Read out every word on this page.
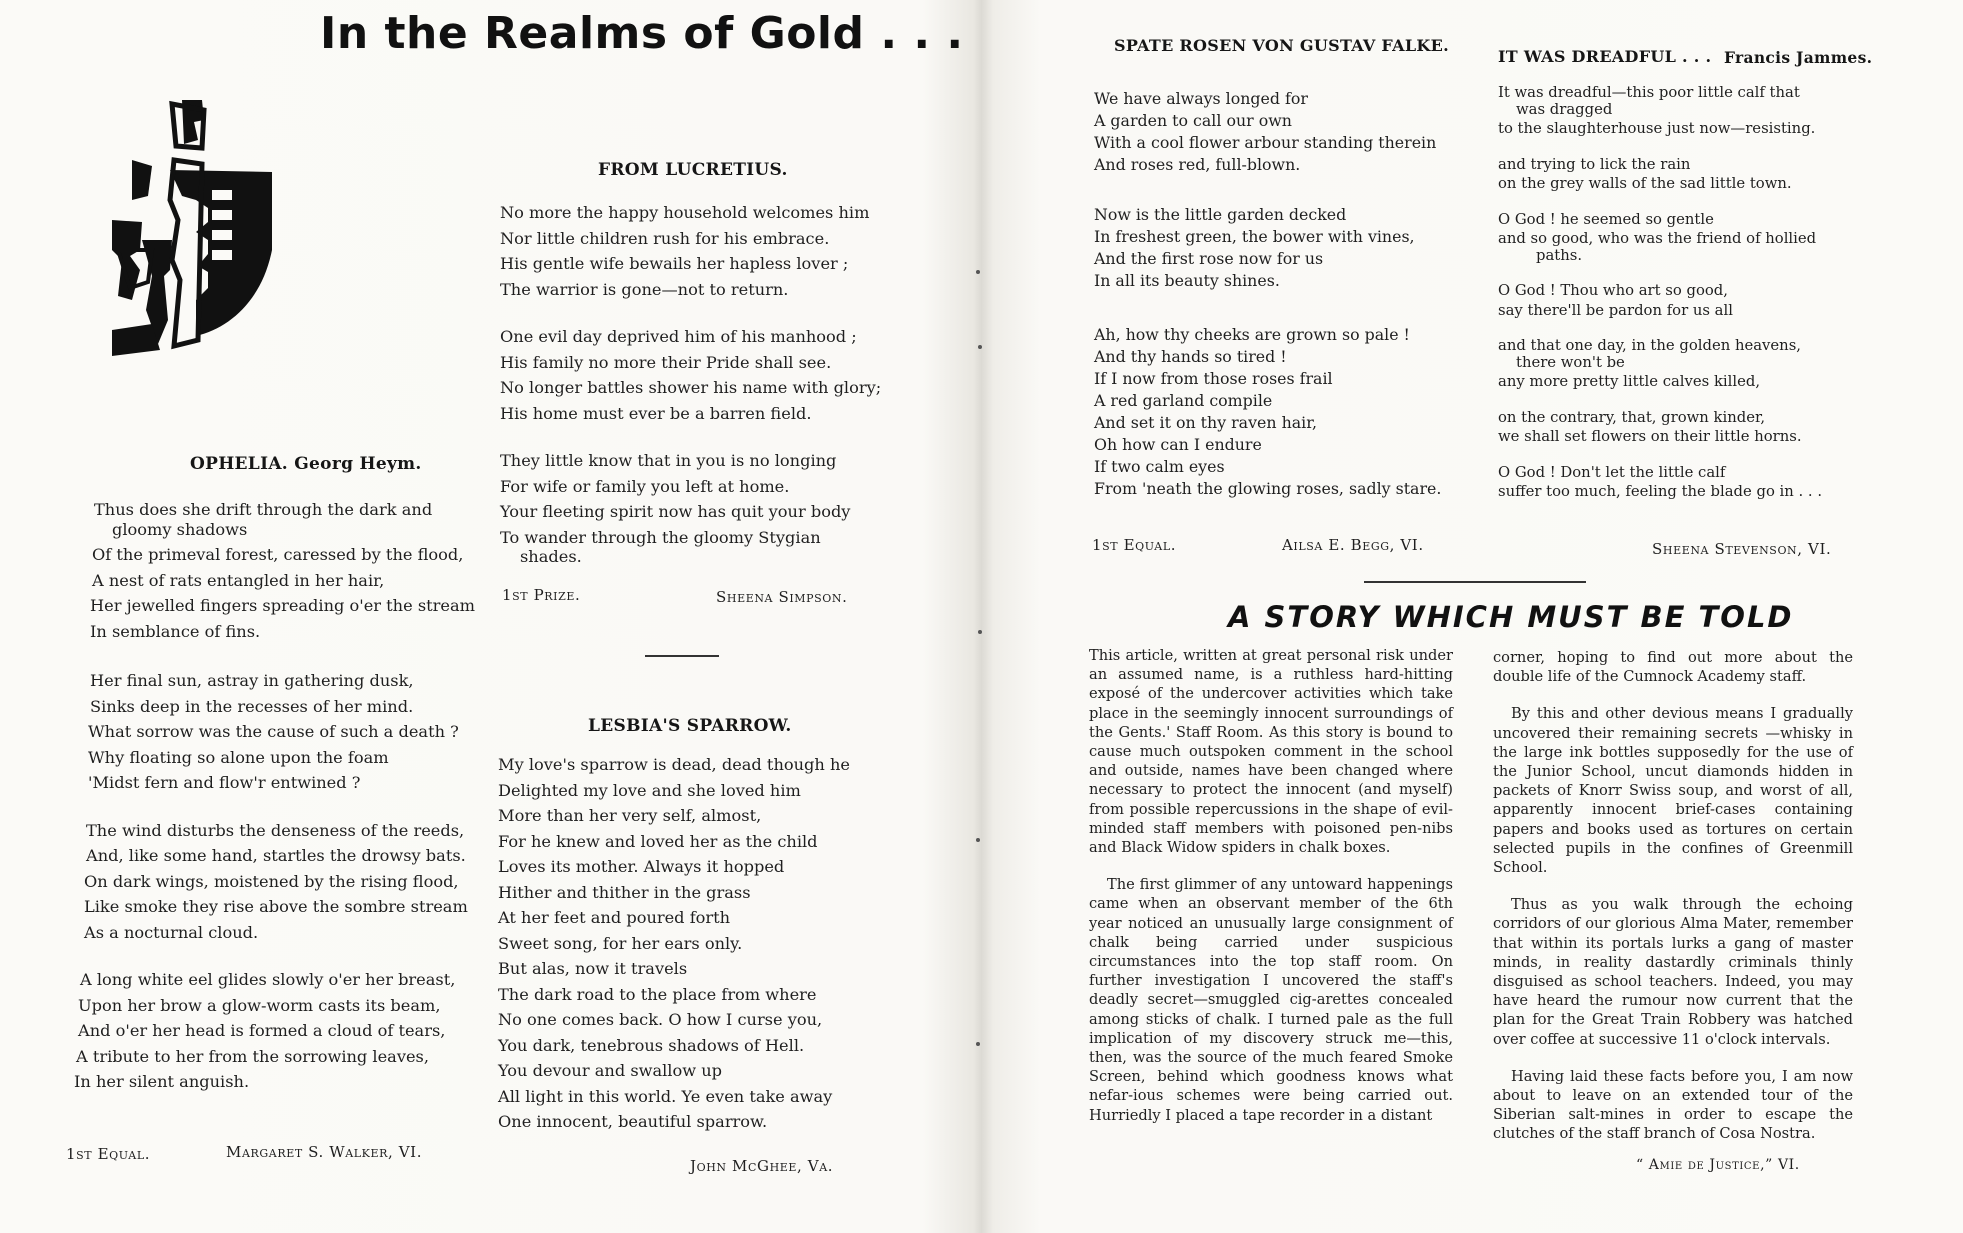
In the Realms of Gold . . .
OPHELIA. Georg Heym.
Thus does she drift through the dark and
gloomy shadows
Of the primeval forest, caressed by the flood,
A nest of rats entangled in her hair,
Her jewelled fingers spreading o'er the stream
In semblance of fins.
Her final sun, astray in gathering dusk,
Sinks deep in the recesses of her mind.
What sorrow was the cause of such a death ?
Why floating so alone upon the foam
'Midst fern and flow'r entwined ?
The wind disturbs the denseness of the reeds,
And, like some hand, startles the drowsy bats.
On dark wings, moistened by the rising flood,
Like smoke they rise above the sombre stream
As a nocturnal cloud.
A long white eel glides slowly o'er her breast,
Upon her brow a glow-worm casts its beam,
And o'er her head is formed a cloud of tears,
A tribute to her from the sorrowing leaves,
In her silent anguish.
1st Equal.	Margaret S. Walker, VI.
FROM LUCRETIUS.
No more the happy household welcomes him
Nor little children rush for his embrace.
His gentle wife bewails her hapless lover ;
The warrior is gone—not to return.
One evil day deprived him of his manhood ;
His family no more their Pride shall see.
No longer battles shower his name with glory;
His home must ever be a barren field.
They little know that in you is no longing
For wife or family you left at home.
Your fleeting spirit now has quit your body
To wander through the gloomy Stygian
shades.
1st Prize.	Sheena Simpson.
LESBIA'S SPARROW.
My love's sparrow is dead, dead though he
Delighted my love and she loved him
More than her very self, almost,
For he knew and loved her as the child
Loves its mother. Always it hopped
Hither and thither in the grass
At her feet and poured forth
Sweet song, for her ears only.
But alas, now it travels
The dark road to the place from where
No one comes back. O how I curse you,
You dark, tenebrous shadows of Hell.
You devour and swallow up
All light in this world. Ye even take away
One innocent, beautiful sparrow.
John McGhee, Va.
SPATE ROSEN VON GUSTAV FALKE.
We have always longed for
A garden to call our own
With a cool flower arbour standing therein
And roses red, full-blown.
Now is the little garden decked
In freshest green, the bower with vines,
And the first rose now for us
In all its beauty shines.
Ah, how thy cheeks are grown so pale !
And thy hands so tired !
If I now from those roses frail
A red garland compile
And set it on thy raven hair,
Oh how can I endure
If two calm eyes
From 'neath the glowing roses, sadly stare.
1st Equal.	Ailsa E. Begg, VI.
IT WAS DREADFUL . . . Francis Jammes.
It was dreadful—this poor little calf that
was dragged
to the slaughterhouse just now—resisting.
and trying to lick the rain
on the grey walls of the sad little town.
O God ! he seemed so gentle
and so good, who was the friend of hollied
paths.
O God ! Thou who art so good,
say there'll be pardon for us all
and that one day, in the golden heavens,
there won't be
any more pretty little calves killed,
on the contrary, that, grown kinder,
we shall set flowers on their little horns.
O God ! Don't let the little calf
suffer too much, feeling the blade go in . . .
Sheena Stevenson, VI.
A STORY WHICH MUST BE TOLD

This article, written at great personal risk under an assumed name, is a ruthless hard-hitting exposé of the undercover activities which take place in the seemingly innocent surroundings of the Gents.' Staff Room. As this story is bound to cause much outspoken comment in the school and outside, names have been changed where necessary to protect the innocent (and myself) from possible repercussions in the shape of evil-minded staff members with poisoned pen-nibs and Black Widow spiders in chalk boxes.

The first glimmer of any untoward happenings came when an observant member of the 6th year noticed an unusually large consignment of chalk being carried under suspicious circumstances into the top staff room. On further investigation I uncovered the staff's deadly secret—smuggled cig-arettes concealed among sticks of chalk. I turned pale as the full implication of my discovery struck me—this, then, was the source of the much feared Smoke Screen, behind which goodness knows what nefar-ious schemes were being carried out. Hurriedly I placed a tape recorder in a distant

corner, hoping to find out more about the double life of the Cumnock Academy staff.

By this and other devious means I gradually uncovered their remaining secrets —whisky in the large ink bottles supposedly for the use of the Junior School, uncut diamonds hidden in packets of Knorr Swiss soup, and worst of all, apparently innocent brief-cases containing papers and books used as tortures on certain selected pupils in the confines of Greenmill School.

Thus as you walk through the echoing corridors of our glorious Alma Mater, remember that within its portals lurks a gang of master minds, in reality dastardly criminals thinly disguised as school teachers. Indeed, you may have heard the rumour now current that the plan for the Great Train Robbery was hatched over coffee at successive 11 o'clock intervals.

Having laid these facts before you, I am now about to leave on an extended tour of the Siberian salt-mines in order to escape the clutches of the staff branch of Cosa Nostra.

“ Amie de Justice,” VI.
